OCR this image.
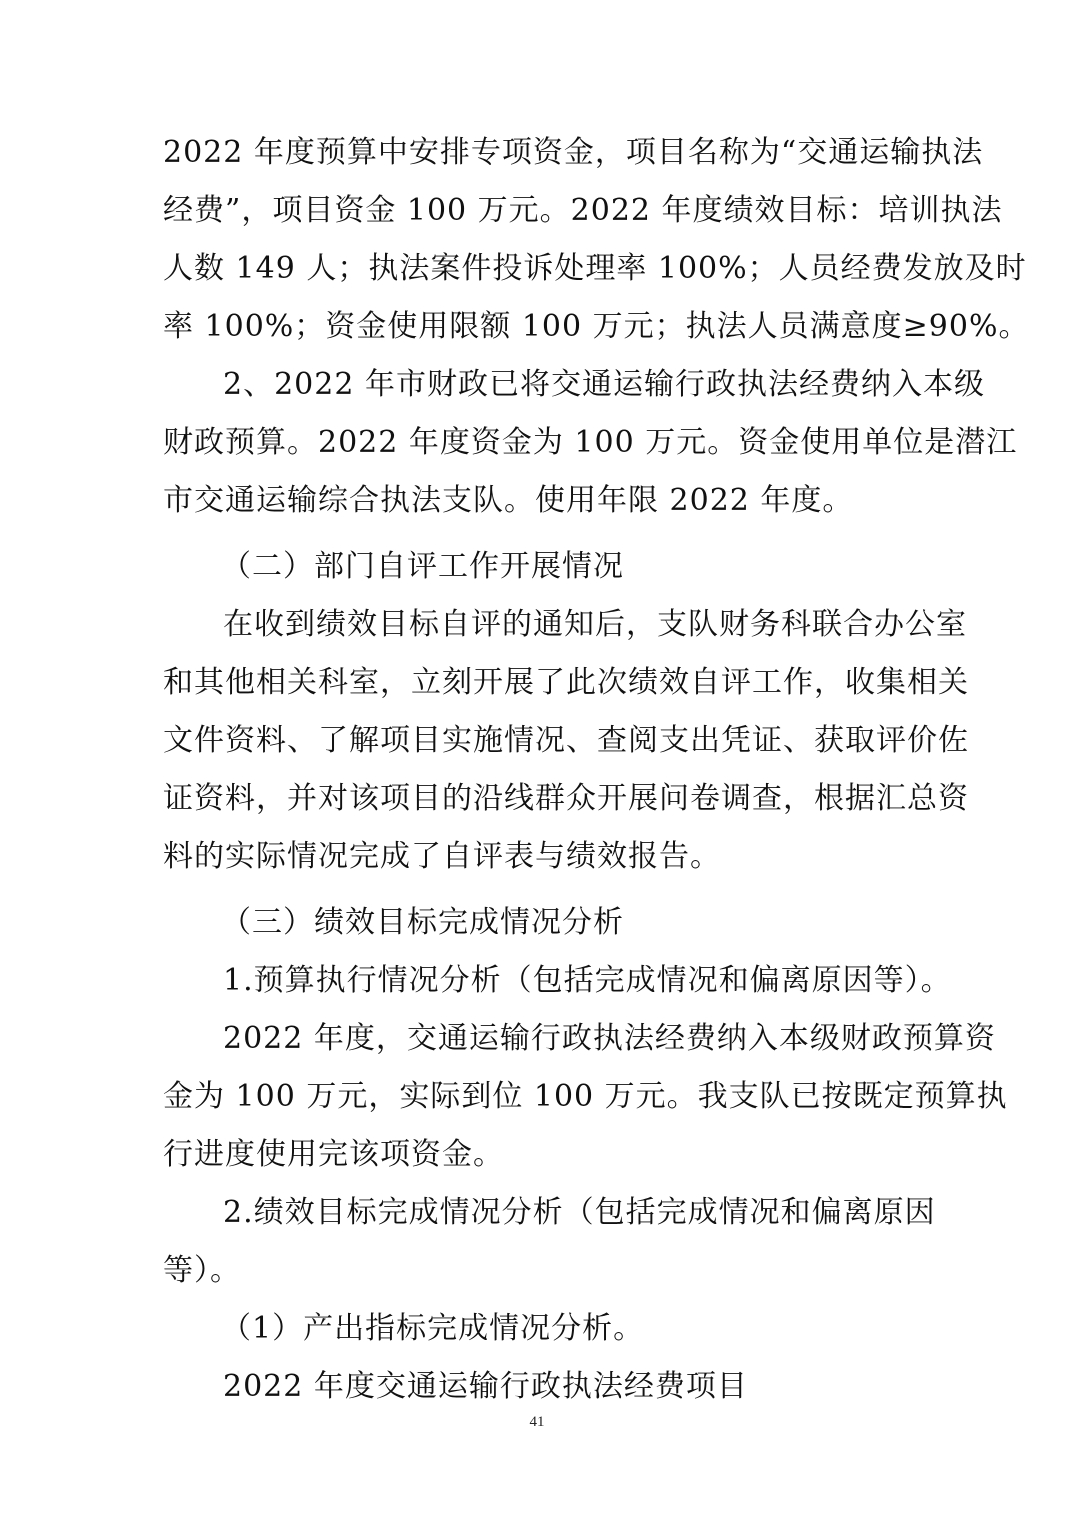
2022 年度预算中安排专项资金，项目名称为“交通运输执法
经费”，项目资金 100 万元。2022 年度绩效目标：培训执法
人数 149 人；执法案件投诉处理率 100%；人员经费发放及时
率 100%；资金使用限额 100 万元；执法人员满意度≥90%。
2、2022 年市财政已将交通运输行政执法经费纳入本级
财政预算。2022 年度资金为 100 万元。资金使用单位是潜江
市交通运输综合执法支队。使用年限 2022 年度。
（二）部门自评工作开展情况
在收到绩效目标自评的通知后，支队财务科联合办公室
和其他相关科室，立刻开展了此次绩效自评工作，收集相关
文件资料、了解项目实施情况、查阅支出凭证、获取评价佐
证资料，并对该项目的沿线群众开展问卷调查，根据汇总资
料的实际情况完成了自评表与绩效报告。
（三）绩效目标完成情况分析
1.预算执行情况分析（包括完成情况和偏离原因等）。
2022 年度，交通运输行政执法经费纳入本级财政预算资
金为 100 万元，实际到位 100 万元。我支队已按既定预算执
行进度使用完该项资金。
2.绩效目标完成情况分析（包括完成情况和偏离原因
等）。
（1）产出指标完成情况分析。
2022 年度交通运输行政执法经费项目
41
